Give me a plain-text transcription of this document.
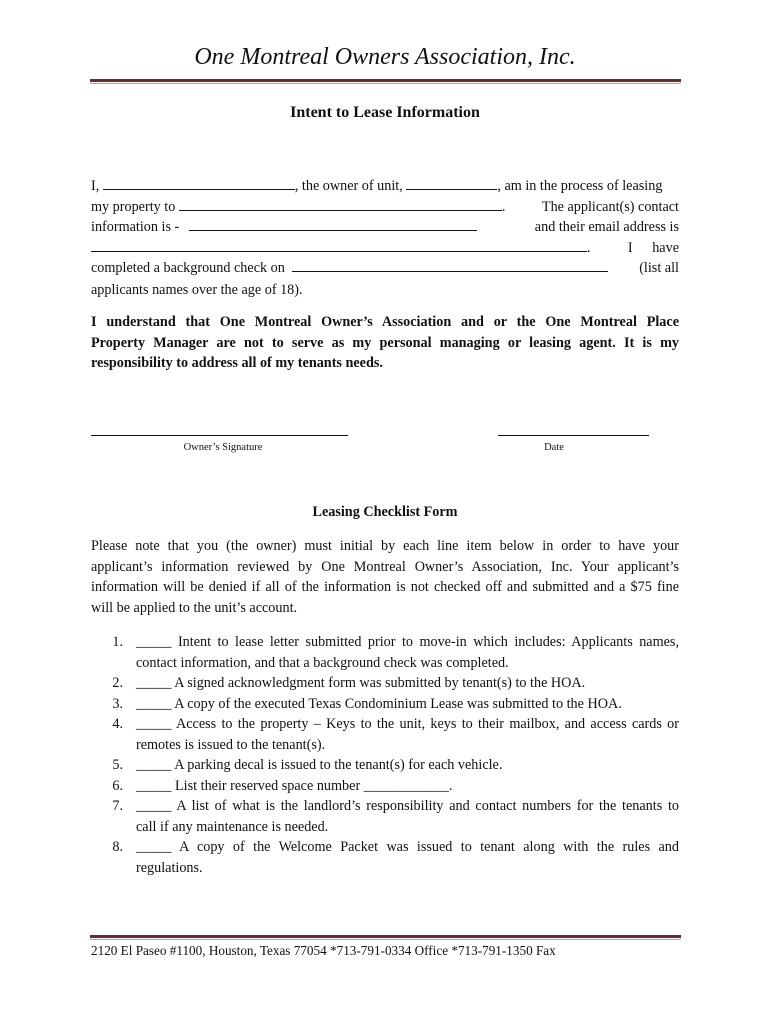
One Montreal Owners Association, Inc.
Intent to Lease Information
I,	, the owner of unit,	, am in the process of leasing
my property to	.	The applicant(s) contact
information is -	and their email address is
.	I have
completed a background check on	(list all
applicants names over the age of 18).
I understand that One Montreal Owner’s Association and or the One Montreal Place
Property Manager are not to serve as my personal managing or leasing agent. It is my
responsibility to address all of my tenants needs.
Owner’s Signature	Date
Leasing Checklist Form
Please note that you (the owner) must initial by each line item below in order to have your
applicant’s information reviewed by One Montreal Owner’s Association, Inc. Your applicant’s
information will be denied if all of the information is not checked off and submitted and a $75 fine
will be applied to the unit’s account.
1. _____ Intent to lease letter submitted prior to move-in which includes: Applicants names,
contact information, and that a background check was completed.
2. _____ A signed acknowledgment form was submitted by tenant(s) to the HOA.
3. _____ A copy of the executed Texas Condominium Lease was submitted to the HOA.
4. _____ Access to the property – Keys to the unit, keys to their mailbox, and access cards or
remotes is issued to the tenant(s).
5. _____ A parking decal is issued to the tenant(s) for each vehicle.
6. _____ List their reserved space number ____________.
7. _____ A list of what is the landlord’s responsibility and contact numbers for the tenants to
call if any maintenance is needed.
8. _____ A copy of the Welcome Packet was issued to tenant along with the rules and
regulations.
2120 El Paseo #1100, Houston, Texas 77054 *713-791-0334 Office *713-791-1350 Fax
